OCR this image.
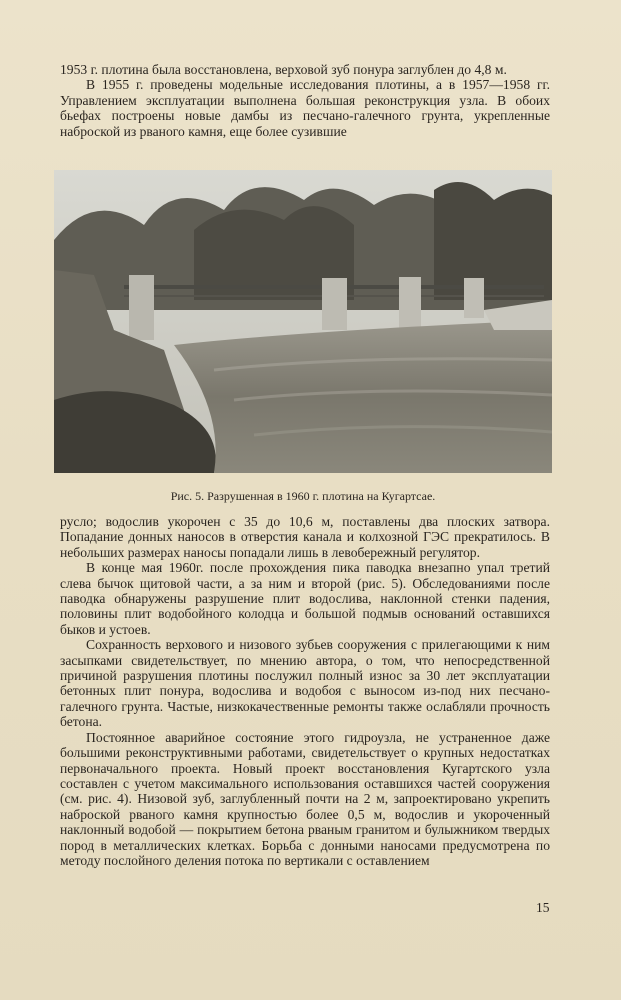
1953 г. плотина была восстановлена, верховой зуб понура заглублен до 4,8 м.

В 1955 г. проведены модельные исследования плотины, а в 1957—1958 гг. Управлением эксплуатации выполнена большая реконструкция узла. В обоих бьефах построены новые дамбы из песчано-галечного грунта, укрепленные наброской из рваного камня, еще более сузившие

Рис. 5. Разрушенная в 1960 г. плотина на Кугартсае.

русло; водослив укорочен с 35 до 10,6 м, поставлены два плоских затвора. Попадание донных наносов в отверстия канала и колхозной ГЭС прекратилось. В небольших размерах наносы попадали лишь в левобережный регулятор.

В конце мая 1960г. после прохождения пика паводка внезапно упал третий слева бычок щитовой части, а за ним и второй (рис. 5). Обследованиями после паводка обнаружены разрушение плит водослива, наклонной стенки падения, половины плит водобойного колодца и большой подмыв оснований оставшихся быков и устоев.

Сохранность верхового и низового зубьев сооружения с прилегающими к ним засыпками свидетельствует, по мнению автора, о том, что непосредственной причиной разрушения плотины послужил полный износ за 30 лет эксплуатации бетонных плит понура, водослива и водобоя с выносом из-под них песчано-галечного грунта. Частые, низкокачественные ремонты также ослабляли прочность бетона.

Постоянное аварийное состояние этого гидроузла, не устраненное даже большими реконструктивными работами, свидетельствует о крупных недостатках первоначального проекта. Новый проект восстановления Кугартского узла составлен с учетом максимального использования оставшихся частей сооружения (см. рис. 4). Низовой зуб, заглубленный почти на 2 м, запроектировано укрепить наброской рваного камня крупностью более 0,5 м, водослив и укороченный наклонный водобой — покрытием бетона рваным гранитом и булыжником твердых пород в металлических клетках. Борьба с донными наносами предусмотрена по методу послойного деления потока по вертикали с оставлением

15
